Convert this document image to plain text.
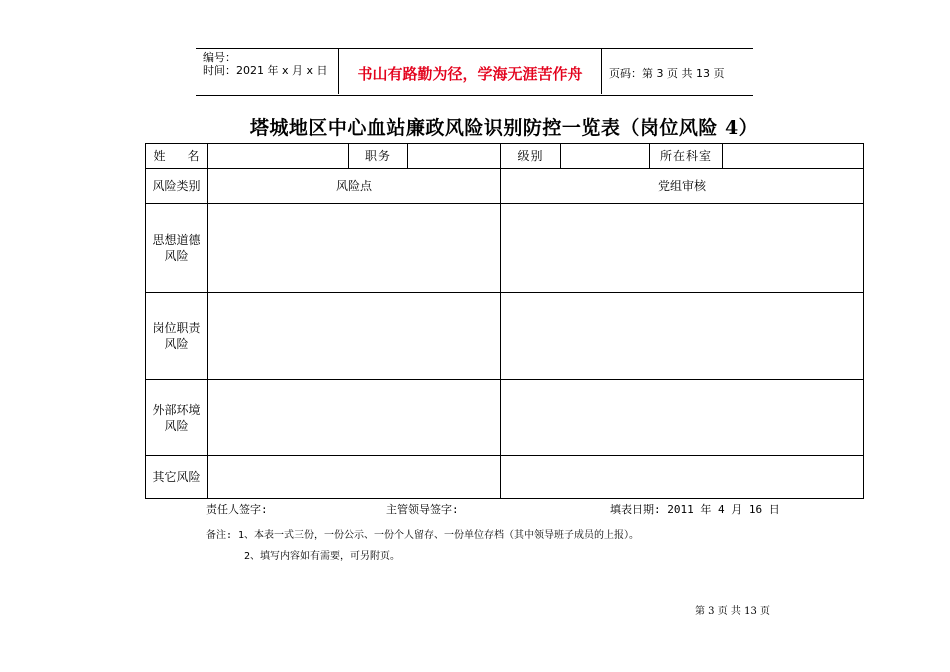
编号：
时间：2021 年 x 月 x 日	书山有路勤为径，学海无涯苦作舟	页码：第 3 页 共 13 页
塔城地区中心血站廉政风险识别防控一览表（岗位风险 4）
姓 名		职务		级别		所在科室	
风险类别	风险点			党组审核			

思想道德
风险							

岗位职责
风险							

外部环境
风险							

其它风险							

责任人签字:	主管领导签字:	填表日期: 2011 年 4 月 16 日
备注: 1、本表一式三份，一份公示、一份个人留存、一份单位存档（其中领导班子成员的上报）。
2、填写内容如有需要，可另附页。
第 3 页 共 13 页
